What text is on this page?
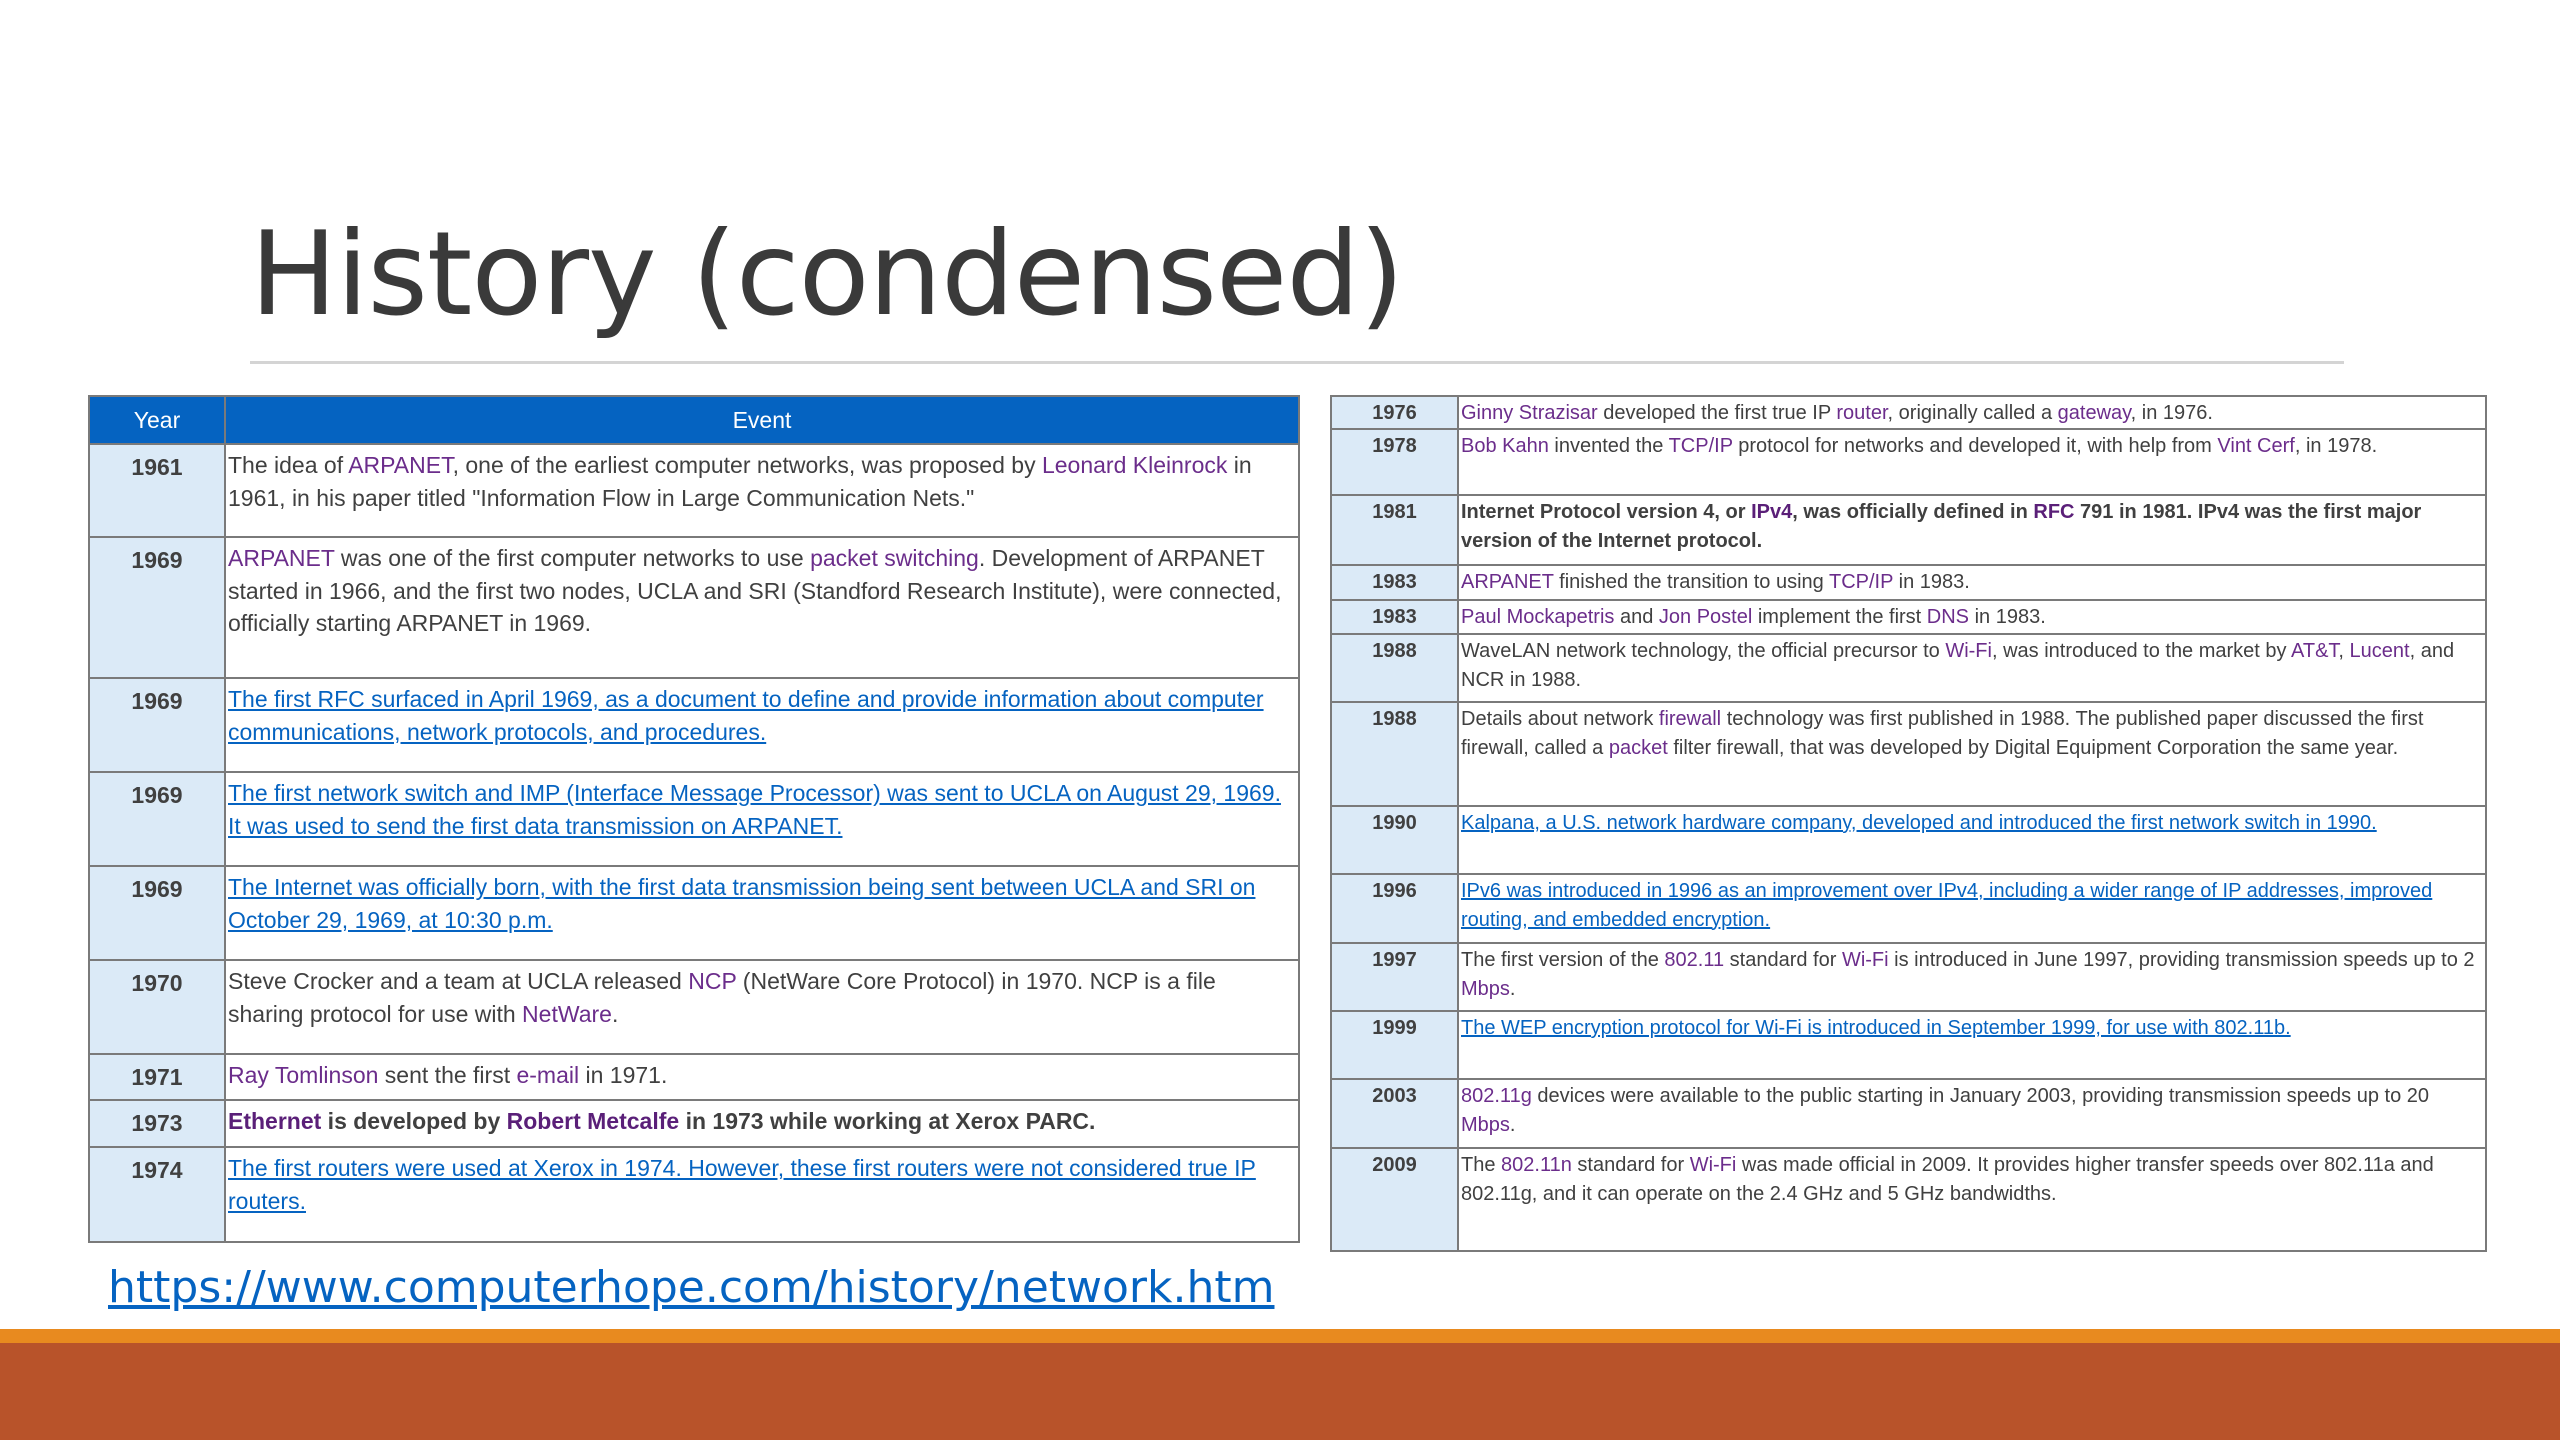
History (condensed)
Year	Event
1961	The idea of ARPANET, one of the earliest computer networks, was proposed by Leonard Kleinrock in 1961, in his paper titled "Information Flow in Large Communication Nets."
1969	ARPANET was one of the first computer networks to use packet switching. Development of ARPANET started in 1966, and the first two nodes, UCLA and SRI (Standford Research Institute), were connected, officially starting ARPANET in 1969.
1969	The first RFC surfaced in April 1969, as a document to define and provide information about computer communications, network protocols, and procedures.
1969	The first network switch and IMP (Interface Message Processor) was sent to UCLA on August 29, 1969. It was used to send the first data transmission on ARPANET.
1969	The Internet was officially born, with the first data transmission being sent between UCLA and SRI on October 29, 1969, at 10:30 p.m.
1970	Steve Crocker and a team at UCLA released NCP (NetWare Core Protocol) in 1970. NCP is a file sharing protocol for use with NetWare.
1971	Ray Tomlinson sent the first e-mail in 1971.
1973	Ethernet is developed by Robert Metcalfe in 1973 while working at Xerox PARC.
1974	The first routers were used at Xerox in 1974. However, these first routers were not considered true IP routers.
1976	Ginny Strazisar developed the first true IP router, originally called a gateway, in 1976.
1978	Bob Kahn invented the TCP/IP protocol for networks and developed it, with help from Vint Cerf, in 1978.
1981	Internet Protocol version 4, or IPv4, was officially defined in RFC 791 in 1981. IPv4 was the first major version of the Internet protocol.
1983	ARPANET finished the transition to using TCP/IP in 1983.
1983	Paul Mockapetris and Jon Postel implement the first DNS in 1983.
1988	WaveLAN network technology, the official precursor to Wi-Fi, was introduced to the market by AT&T, Lucent, and NCR in 1988.
1988	Details about network firewall technology was first published in 1988. The published paper discussed the first firewall, called a packet filter firewall, that was developed by Digital Equipment Corporation the same year.
1990	Kalpana, a U.S. network hardware company, developed and introduced the first network switch in 1990.
1996	IPv6 was introduced in 1996 as an improvement over IPv4, including a wider range of IP addresses, improved routing, and embedded encryption.
1997	The first version of the 802.11 standard for Wi-Fi is introduced in June 1997, providing transmission speeds up to 2 Mbps.
1999	The WEP encryption protocol for Wi-Fi is introduced in September 1999, for use with 802.11b.
2003	802.11g devices were available to the public starting in January 2003, providing transmission speeds up to 20 Mbps.
2009	The 802.11n standard for Wi-Fi was made official in 2009. It provides higher transfer speeds over 802.11a and 802.11g, and it can operate on the 2.4 GHz and 5 GHz bandwidths.
https://www.computerhope.com/history/network.htm
